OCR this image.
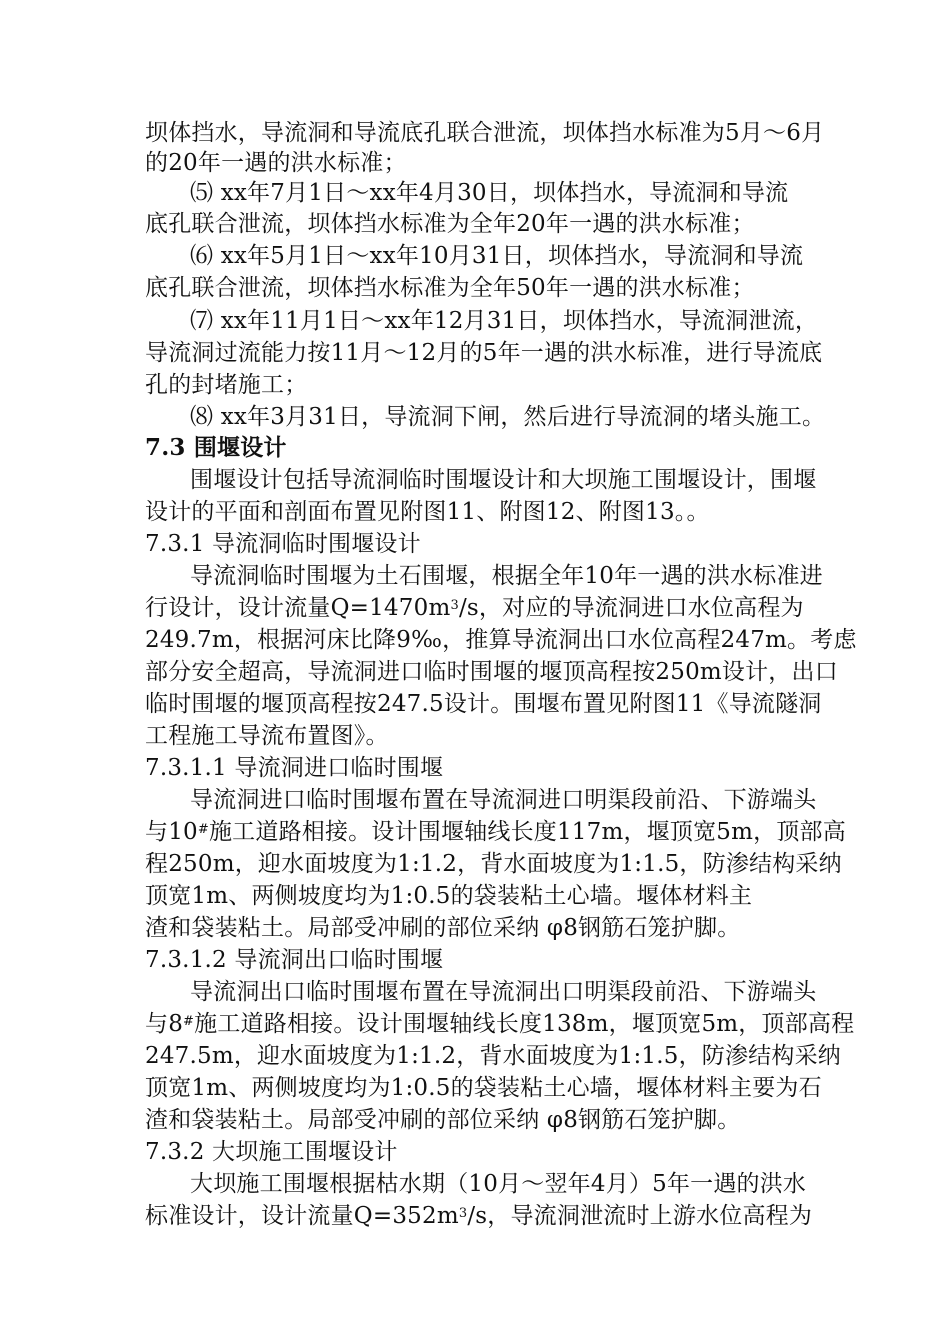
坝体挡水，导流洞和导流底孔联合泄流，坝体挡水标准为5月～6月
的20年一遇的洪水标准；
⑸ xx年7月1日～xx年4月30日，坝体挡水，导流洞和导流
底孔联合泄流，坝体挡水标准为全年20年一遇的洪水标准；
⑹ xx年5月1日～xx年10月31日，坝体挡水，导流洞和导流
底孔联合泄流，坝体挡水标准为全年50年一遇的洪水标准；
⑺ xx年11月1日～xx年12月31日，坝体挡水，导流洞泄流，
导流洞过流能力按11月～12月的5年一遇的洪水标准，进行导流底
孔的封堵施工；
⑻ xx年3月31日，导流洞下闸，然后进行导流洞的堵头施工。
7.3 围堰设计
围堰设计包括导流洞临时围堰设计和大坝施工围堰设计，围堰
设计的平面和剖面布置见附图11、附图12、附图13。。
7.3.1 导流洞临时围堰设计
导流洞临时围堰为土石围堰，根据全年10年一遇的洪水标准进
行设计，设计流量$Q=1470m^3/s$，对应的导流洞进口水位高程为
249.7m，根据河床比降9‰，推算导流洞出口水位高程247m。考虑
部分安全超高，导流洞进口临时围堰的堰顶高程按250m设计，出口
临时围堰的堰顶高程按247.5设计。围堰布置见附图11《导流隧洞
工程施工导流布置图》。
7.3.1.1 导流洞进口临时围堰
导流洞进口临时围堰布置在导流洞进口明渠段前沿、下游端头
与10#施工道路相接。设计围堰轴线长度117m，堰顶宽5m，顶部高
程250m，迎水面坡度为1:1.2，背水面坡度为1:1.5，防渗结构采纳
顶宽1m、两侧坡度均为1:0.5的袋装粘土心墙。堰体材料主
渣和袋装粘土。局部受冲刷的部位采纳 φ8钢筋石笼护脚。
7.3.1.2 导流洞出口临时围堰
导流洞出口临时围堰布置在导流洞出口明渠段前沿、下游端头
与8#施工道路相接。设计围堰轴线长度138m，堰顶宽5m，顶部高程
247.5m，迎水面坡度为1:1.2，背水面坡度为1:1.5，防渗结构采纳
顶宽1m、两侧坡度均为1:0.5的袋装粘土心墙，堰体材料主要为石
渣和袋装粘土。局部受冲刷的部位采纳 φ8钢筋石笼护脚。
7.3.2 大坝施工围堰设计
大坝施工围堰根据枯水期（10月～翌年4月）5年一遇的洪水
标准设计，设计流量$Q=352m^3/s$，导流洞泄流时上游水位高程为
